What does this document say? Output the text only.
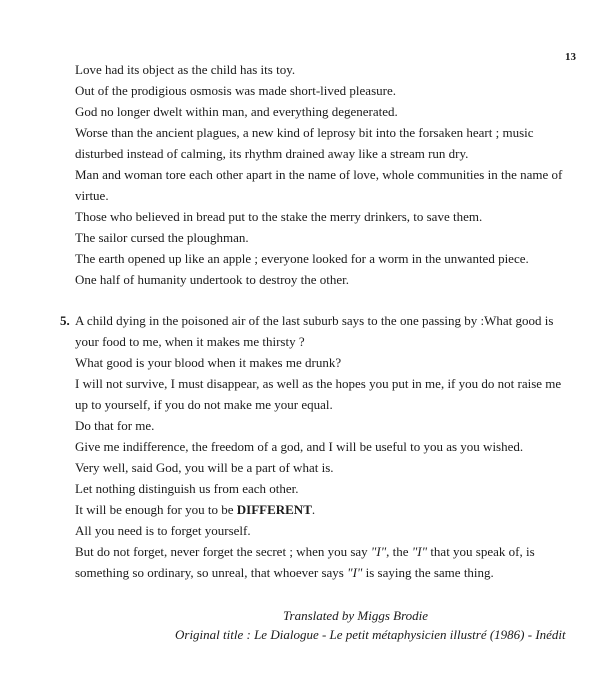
13
Love had its object as the child has its toy.
Out of the prodigious osmosis was made short-lived pleasure.
God no longer dwelt within man, and everything degenerated.
Worse than the ancient plagues, a new kind of leprosy bit into the forsaken heart ; music
disturbed instead of calming, its rhythm drained away like a stream run dry.
Man and woman tore each other apart in the name of love, whole communities in the name of
virtue.
Those who believed in bread put to the stake the merry drinkers, to save them.
The sailor cursed the ploughman.
The earth opened up like an apple ; everyone looked for a worm in the unwanted piece.
One half of humanity undertook to destroy the other.
5. A child dying in the poisoned air of the last suburb says to the one passing by :What good is
your food to me, when it makes me thirsty ?
What good is your blood when it makes me drunk?
I will not survive, I must disappear, as well as the hopes you put in me, if you do not raise me
up to yourself, if you do not make me your equal.
Do that for me.
Give me indifference, the freedom of a god, and I will be useful to you as you wished.
Very well, said God, you will be a part of what is.
Let nothing distinguish us from each other.
It will be enough for you to be DIFFERENT.
All you need is to forget yourself.
But do not forget, never forget the secret ; when you say "I", the "I" that you speak of, is
something so ordinary, so unreal, that whoever says "I" is saying the same thing.
Translated by Miggs Brodie
Original title : Le Dialogue - Le petit métaphysicien illustré (1986) - Inédit
